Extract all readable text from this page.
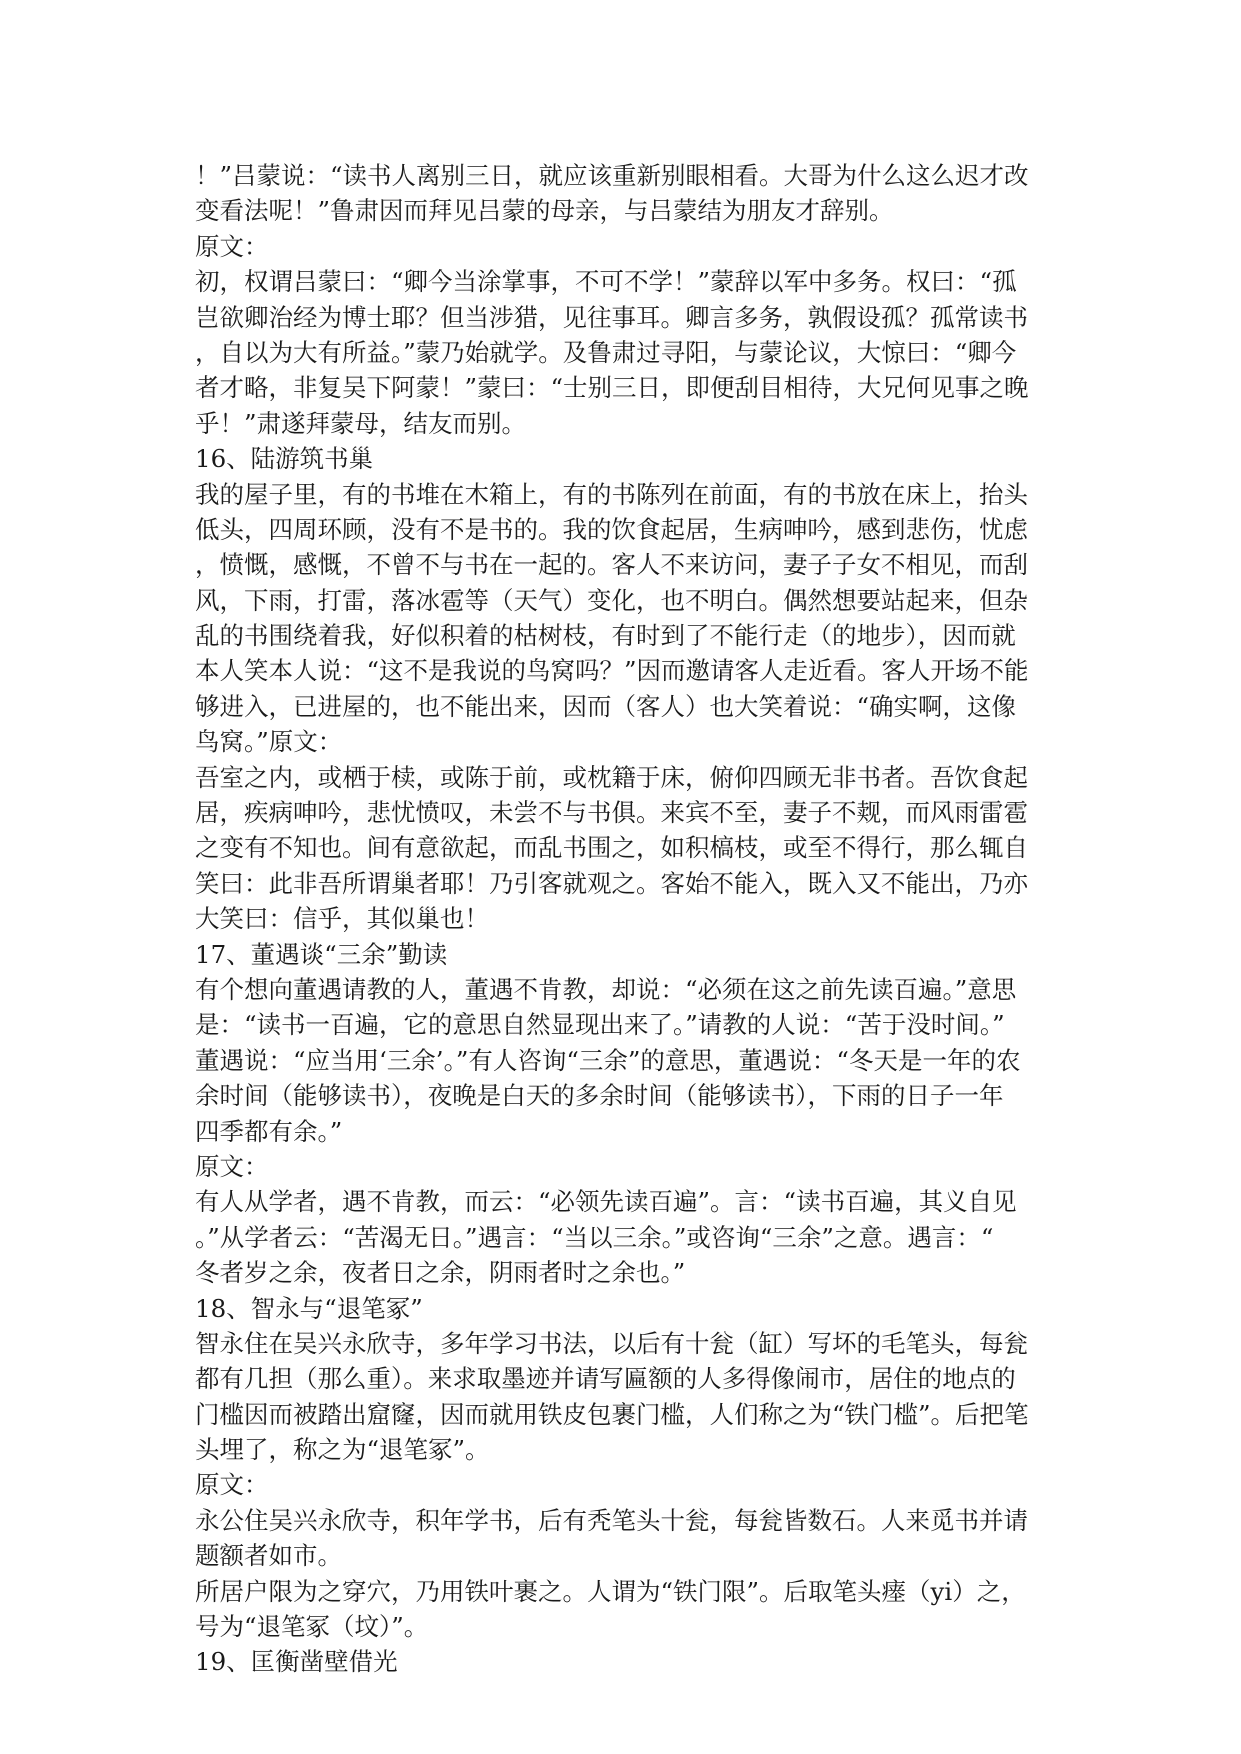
！”吕蒙说：“读书人离别三日，就应该重新别眼相看。大哥为什么这么迟才改
变看法呢！”鲁肃因而拜见吕蒙的母亲，与吕蒙结为朋友才辞别。
原文：
初，权谓吕蒙曰：“卿今当涂掌事，不可不学！”蒙辞以军中多务。权曰：“孤
岂欲卿治经为博士耶？但当涉猎，见往事耳。卿言多务，孰假设孤？孤常读书
，自以为大有所益。”蒙乃始就学。及鲁肃过寻阳，与蒙论议，大惊曰：“卿今
者才略，非复吴下阿蒙！”蒙曰：“士别三日，即便刮目相待，大兄何见事之晚
乎！”肃遂拜蒙母，结友而别。
16、陆游筑书巢
我的屋子里，有的书堆在木箱上，有的书陈列在前面，有的书放在床上，抬头
低头，四周环顾，没有不是书的。我的饮食起居，生病呻吟，感到悲伤，忧虑
，愤慨，感慨，不曾不与书在一起的。客人不来访问，妻子子女不相见，而刮
风，下雨，打雷，落冰雹等（天气）变化，也不明白。偶然想要站起来，但杂
乱的书围绕着我，好似积着的枯树枝，有时到了不能行走（的地步），因而就
本人笑本人说：“这不是我说的鸟窝吗？”因而邀请客人走近看。客人开场不能
够进入，已进屋的，也不能出来，因而（客人）也大笑着说：“确实啊，这像
鸟窝。”原文：
吾室之内，或栖于椟，或陈于前，或枕籍于床，俯仰四顾无非书者。吾饮食起
居，疾病呻吟，悲忧愤叹，未尝不与书俱。来宾不至，妻子不觌，而风雨雷雹
之变有不知也。间有意欲起，而乱书围之，如积槁枝，或至不得行，那么辄自
笑曰：此非吾所谓巢者耶！乃引客就观之。客始不能入，既入又不能出，乃亦
大笑曰：信乎，其似巢也！
17、董遇谈“三余”勤读
有个想向董遇请教的人，董遇不肯教，却说：“必须在这之前先读百遍。”意思
是：“读书一百遍，它的意思自然显现出来了。”请教的人说：“苦于没时间。”
董遇说：“应当用‘三余’。”有人咨询“三余”的意思，董遇说：“冬天是一年的农
余时间（能够读书），夜晚是白天的多余时间（能够读书），下雨的日子一年
四季都有余。”
原文：
有人从学者，遇不肯教，而云：“必领先读百遍”。言：“读书百遍，其义自见
。”从学者云：“苦渴无日。”遇言：“当以三余。”或咨询“三余”之意。遇言：“
冬者岁之余，夜者日之余，阴雨者时之余也。”
18、智永与“退笔冢”
智永住在吴兴永欣寺，多年学习书法，以后有十瓮（缸）写坏的毛笔头，每瓮
都有几担（那么重）。来求取墨迹并请写匾额的人多得像闹市，居住的地点的
门槛因而被踏出窟窿，因而就用铁皮包裹门槛，人们称之为“铁门槛”。后把笔
头埋了，称之为“退笔冢”。
原文：
永公住吴兴永欣寺，积年学书，后有秃笔头十瓮，每瓮皆数石。人来觅书并请
题额者如市。
所居户限为之穿穴，乃用铁叶裹之。人谓为“铁门限”。后取笔头瘗（yi）之，
号为“退笔冢（坟）”。
19、匡衡凿壁借光
